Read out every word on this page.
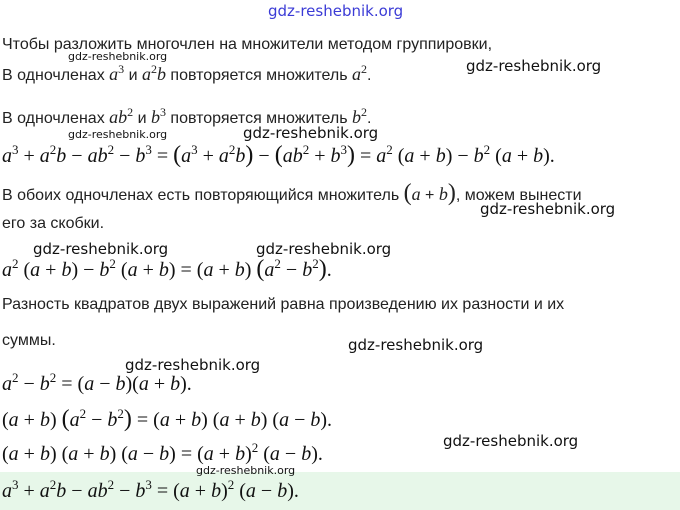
gdz-reshebnik.org
gdz-reshebnik.org
gdz-reshebnik.org
gdz-reshebnik.org	gdz-reshebnik.org
gdz-reshebnik.org
gdz-reshebnik.org	gdz-reshebnik.org
gdz-reshebnik.org
gdz-reshebnik.org
gdz-reshebnik.org
gdz-reshebnik.org
Чтобы разложить многочлен на множители методом группировки,
В одночленах $a^3$ и $a^2b$ повторяется множитель $a^2$.
В одночленах $ab^2$ и $b^3$ повторяется множитель $b^2$.
$a^3 + a^2b - ab^2 - b^3 = (a^3 + a^2b) - (ab^2 + b^3) = a^2$ $(a + b) - b^2$ (a + b).
В обоих одночленах есть повторяющийся множитель (a + b), можем вынести
его за скобки.
$a^2$ $(a + b) - b^2$ (a + b) = (a + b) $(a^2 - b^2)$.
Разность квадратов двух выражений равна произведению их разности и их
суммы.
$a^2 - b^2 = (a - b)(a + b)$.
(a + b) $(a^2 - b^2) = (a + b) (a + b) (a - b)$.
(a + b) (a + b) $(a - b) = (a + b)^2$ (a − b).
$a^3 + a^2b - ab^2 - b^3 = (a + b)^2$ (a − b).
